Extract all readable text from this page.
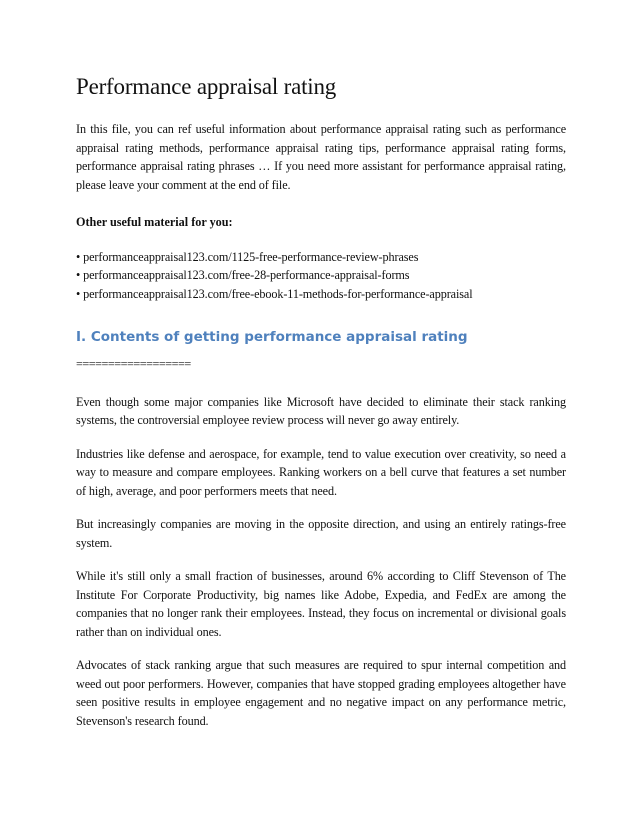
Performance appraisal rating

In this file, you can ref useful information about performance appraisal rating such as performance appraisal rating methods, performance appraisal rating tips, performance appraisal rating forms, performance appraisal rating phrases … If you need more assistant for performance appraisal rating, please leave your comment at the end of file.

Other useful material for you:
• performanceappraisal123.com/1125-free-performance-review-phrases
• performanceappraisal123.com/free-28-performance-appraisal-forms
• performanceappraisal123.com/free-ebook-11-methods-for-performance-appraisal
I. Contents of getting performance appraisal rating
==================

Even though some major companies like Microsoft have decided to eliminate their stack ranking systems, the controversial employee review process will never go away entirely.

Industries like defense and aerospace, for example, tend to value execution over creativity, so need a way to measure and compare employees. Ranking workers on a bell curve that features a set number of high, average, and poor performers meets that need.

But increasingly companies are moving in the opposite direction, and using an entirely ratings-free system.

While it's still only a small fraction of businesses, around 6% according to Cliff Stevenson of The Institute For Corporate Productivity, big names like Adobe, Expedia, and FedEx are among the companies that no longer rank their employees. Instead, they focus on incremental or divisional goals rather than on individual ones.

Advocates of stack ranking argue that such measures are required to spur internal competition and weed out poor performers. However, companies that have stopped grading employees altogether have seen positive results in employee engagement and no negative impact on any performance metric, Stevenson's research found.
